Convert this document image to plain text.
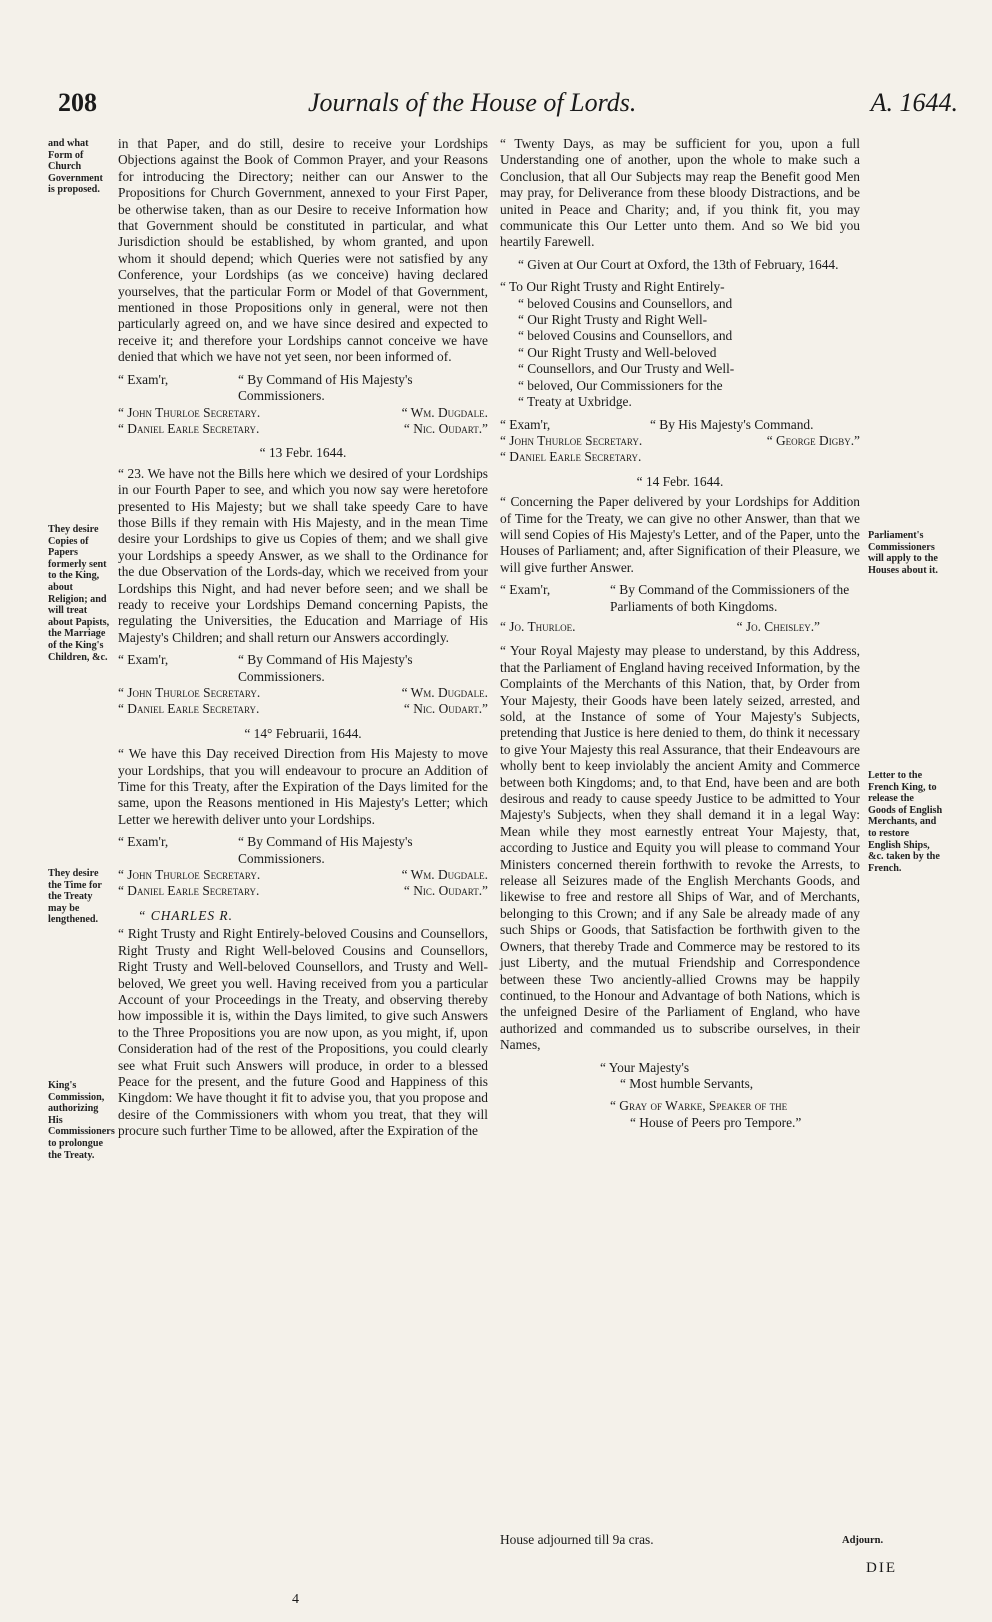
208	Journals of the House of Lords.	A. 1644.
and what Form of Church Government is proposed.
They desire Copies of Papers formerly sent to the King, about Religion; and will treat about Papists, the Marriage of the King's Children, &c.
They desire the Time for the Treaty may be lengthened.
King's Commission, authorizing His Commissioners to prolongue the Treaty.
Parliament's Commissioners will apply to the Houses about it.
Letter to the French King, to release the Goods of English Merchants, and to restore English Ships, &c. taken by the French.

in that Paper, and do still, desire to receive your Lordships Objections against the Book of Common Prayer, and your Reasons for introducing the Directory; neither can our Answer to the Propositions for Church Government, annexed to your First Paper, be otherwise taken, than as our Desire to receive Information how that Government should be constituted in particular, and what Jurisdiction should be established, by whom granted, and upon whom it should depend; which Queries were not satisfied by any Conference, your Lordships (as we conceive) having declared yourselves, that the particular Form or Model of that Government, mentioned in those Propositions only in general, were not then particularly agreed on, and we have since desired and expected to receive it; and therefore your Lordships cannot conceive we have denied that which we have not yet seen, nor been informed of.

“ Exam'r,	“ By Command of His Majesty's Commissioners.
“ John Thurloe Secretary.	“ Wm. Dugdale.
“ Daniel Earle Secretary.	“ Nic. Oudart.”
“ 13 Febr. 1644.

“ 23. We have not the Bills here which we desired of your Lordships in our Fourth Paper to see, and which you now say were heretofore presented to His Majesty; but we shall take speedy Care to have those Bills if they remain with His Majesty, and in the mean Time desire your Lordships to give us Copies of them; and we shall give your Lordships a speedy Answer, as we shall to the Ordinance for the due Observation of the Lords-day, which we received from your Lordships this Night, and had never before seen; and we shall be ready to receive your Lordships Demand concerning Papists, the regulating the Universities, the Education and Marriage of His Majesty's Children; and shall return our Answers accordingly.

“ Exam'r,	“ By Command of His Majesty's Commissioners.
“ John Thurloe Secretary.	“ Wm. Dugdale.
“ Daniel Earle Secretary.	“ Nic. Oudart.”
“ 14° Februarii, 1644.

“ We have this Day received Direction from His Majesty to move your Lordships, that you will endeavour to procure an Addition of Time for this Treaty, after the Expiration of the Days limited for the same, upon the Reasons mentioned in His Majesty's Letter; which Letter we herewith deliver unto your Lordships.

“ Exam'r,	“ By Command of His Majesty's Commissioners.
“ John Thurloe Secretary.	“ Wm. Dugdale.
“ Daniel Earle Secretary.	“ Nic. Oudart.”
“ CHARLES R.

“ Right Trusty and Right Entirely-beloved Cousins and Counsellors, Right Trusty and Right Well-beloved Cousins and Counsellors, Right Trusty and Well-beloved Counsellors, and Trusty and Well-beloved, We greet you well. Having received from you a particular Account of your Proceedings in the Treaty, and observing thereby how impossible it is, within the Days limited, to give such Answers to the Three Propositions you are now upon, as you might, if, upon Consideration had of the rest of the Propositions, you could clearly see what Fruit such Answers will produce, in order to a blessed Peace for the present, and the future Good and Happiness of this Kingdom: We have thought it fit to advise you, that you propose and desire of the Commissioners with whom you treat, that they will procure such further Time to be allowed, after the Expiration of the

“ Twenty Days, as may be sufficient for you, upon a full Understanding one of another, upon the whole to make such a Conclusion, that all Our Subjects may reap the Benefit good Men may pray, for Deliverance from these bloody Distractions, and be united in Peace and Charity; and, if you think fit, you may communicate this Our Letter unto them. And so We bid you heartily Farewell.

“ Given at Our Court at Oxford, the 13th of February, 1644.

“ To Our Right Trusty and Right Entirely-
“ beloved Cousins and Counsellors, and
“ Our Right Trusty and Right Well-
“ beloved Cousins and Counsellors, and
“ Our Right Trusty and Well-beloved
“ Counsellors, and Our Trusty and Well-
“ beloved, Our Commissioners for the
“ Treaty at Uxbridge.
“ Exam'r,	“ By His Majesty's Command.
“ John Thurloe Secretary.	“ George Digby.”
“ Daniel Earle Secretary.
“ 14 Febr. 1644.

“ Concerning the Paper delivered by your Lordships for Addition of Time for the Treaty, we can give no other Answer, than that we will send Copies of His Majesty's Letter, and of the Paper, unto the Houses of Parliament; and, after Signification of their Pleasure, we will give further Answer.

“ Exam'r,	“ By Command of the Commissioners of the Parliaments of both Kingdoms.
“ Jo. Thurloe.	“ Jo. Cheisley.”

“ Your Royal Majesty may please to understand, by this Address, that the Parliament of England having received Information, by the Complaints of the Merchants of this Nation, that, by Order from Your Majesty, their Goods have been lately seized, arrested, and sold, at the Instance of some of Your Majesty's Subjects, pretending that Justice is here denied to them, do think it necessary to give Your Majesty this real Assurance, that their Endeavours are wholly bent to keep inviolably the ancient Amity and Commerce between both Kingdoms; and, to that End, have been and are both desirous and ready to cause speedy Justice to be admitted to Your Majesty's Subjects, when they shall demand it in a legal Way: Mean while they most earnestly entreat Your Majesty, that, according to Justice and Equity you will please to command Your Ministers concerned therein forthwith to revoke the Arrests, to release all Seizures made of the English Merchants Goods, and likewise to free and restore all Ships of War, and of Merchants, belonging to this Crown; and if any Sale be already made of any such Ships or Goods, that Satisfaction be forthwith given to the Owners, that thereby Trade and Commerce may be restored to its just Liberty, and the mutual Friendship and Correspondence between these Two anciently-allied Crowns may be happily continued, to the Honour and Advantage of both Nations, which is the unfeigned Desire of the Parliament of England, who have authorized and commanded us to subscribe ourselves, in their Names,

“ Your Majesty's
“ Most humble Servants,
“ Gray of Warke, Speaker of the
“ House of Peers pro Tempore.”
House adjourned till 9a cras.	Adjourn.
DIE
4
